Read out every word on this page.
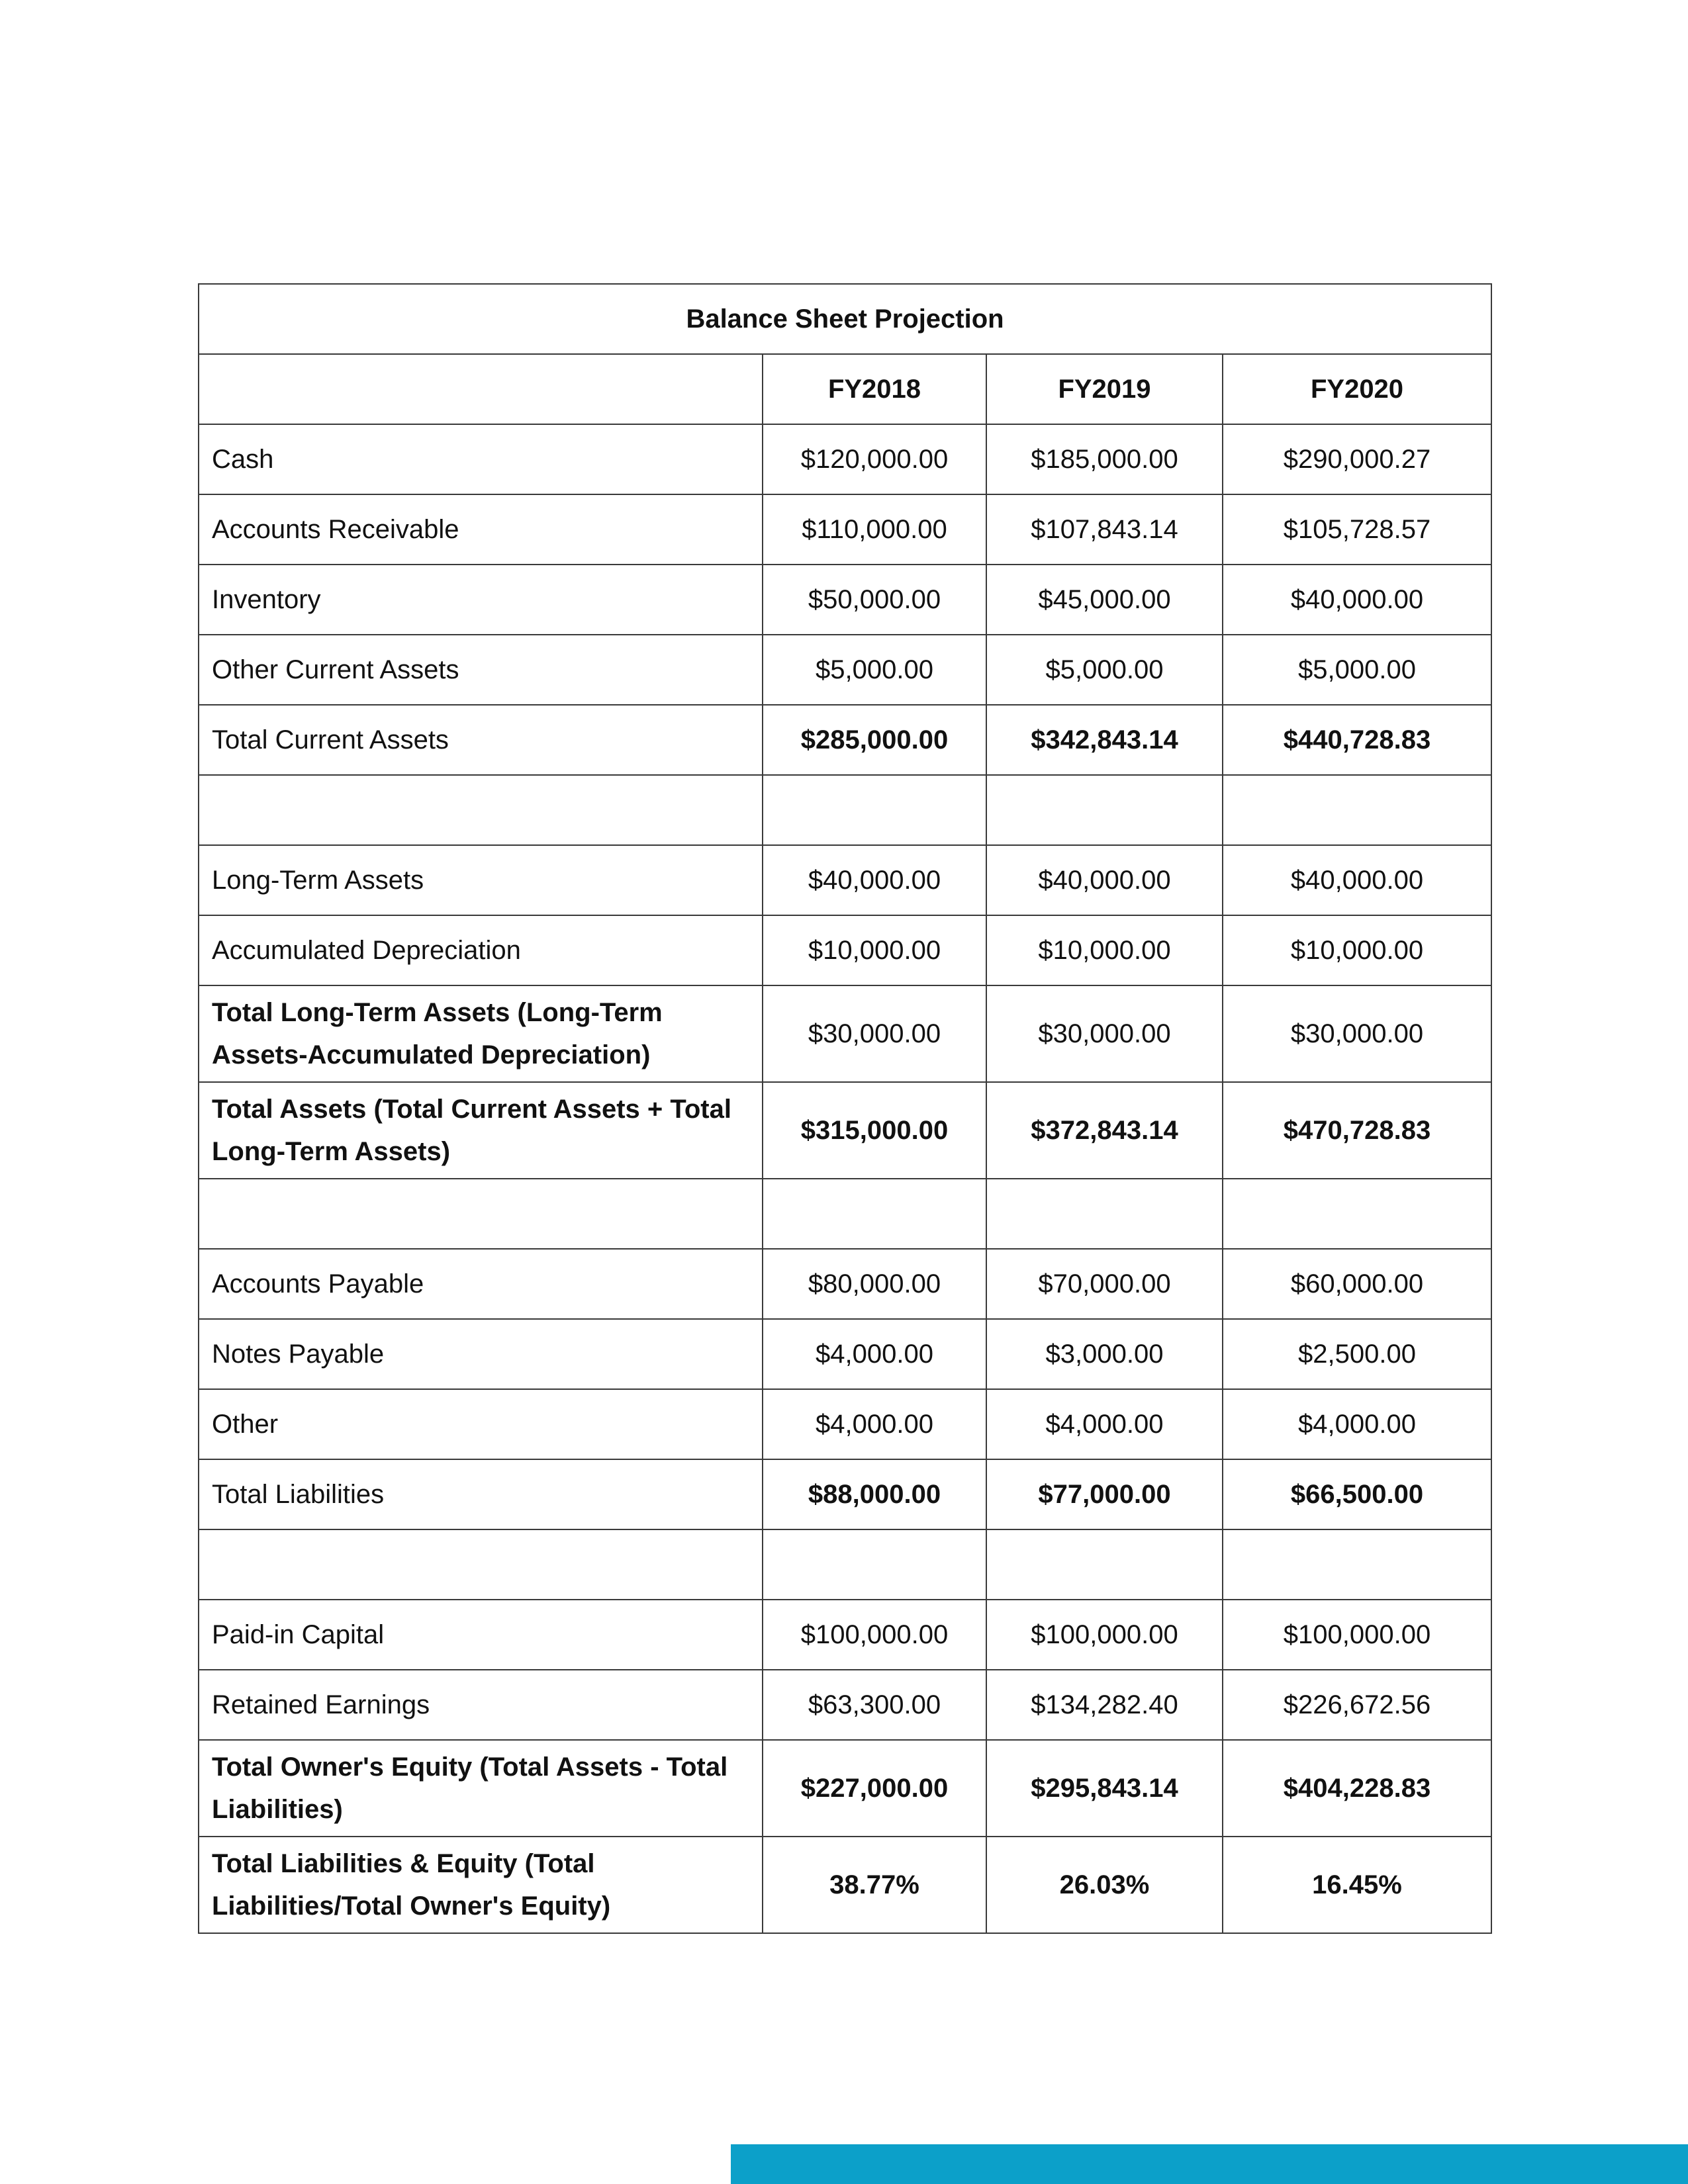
Balance Sheet Projection			
	FY2018	FY2019	FY2020
Cash	$120,000.00	$185,000.00	$290,000.27
Accounts Receivable	$110,000.00	$107,843.14	$105,728.57
Inventory	$50,000.00	$45,000.00	$40,000.00
Other Current Assets	$5,000.00	$5,000.00	$5,000.00
Total Current Assets	$285,000.00	$342,843.14	$440,728.83

Long-Term Assets	$40,000.00	$40,000.00	$40,000.00
Accumulated Depreciation	$10,000.00	$10,000.00	$10,000.00
Total Long-Term Assets (Long-Term Assets-Accumulated Depreciation)	$30,000.00	$30,000.00	$30,000.00
Total Assets (Total Current Assets + Total Long-Term Assets)	$315,000.00	$372,843.14	$470,728.83

Accounts Payable	$80,000.00	$70,000.00	$60,000.00
Notes Payable	$4,000.00	$3,000.00	$2,500.00
Other	$4,000.00	$4,000.00	$4,000.00
Total Liabilities	$88,000.00	$77,000.00	$66,500.00

Paid-in Capital	$100,000.00	$100,000.00	$100,000.00
Retained Earnings	$63,300.00	$134,282.40	$226,672.56
Total Owner's Equity (Total Assets - Total Liabilities)	$227,000.00	$295,843.14	$404,228.83
Total Liabilities & Equity (Total Liabilities/Total Owner's Equity)	38.77%	26.03%	16.45%
